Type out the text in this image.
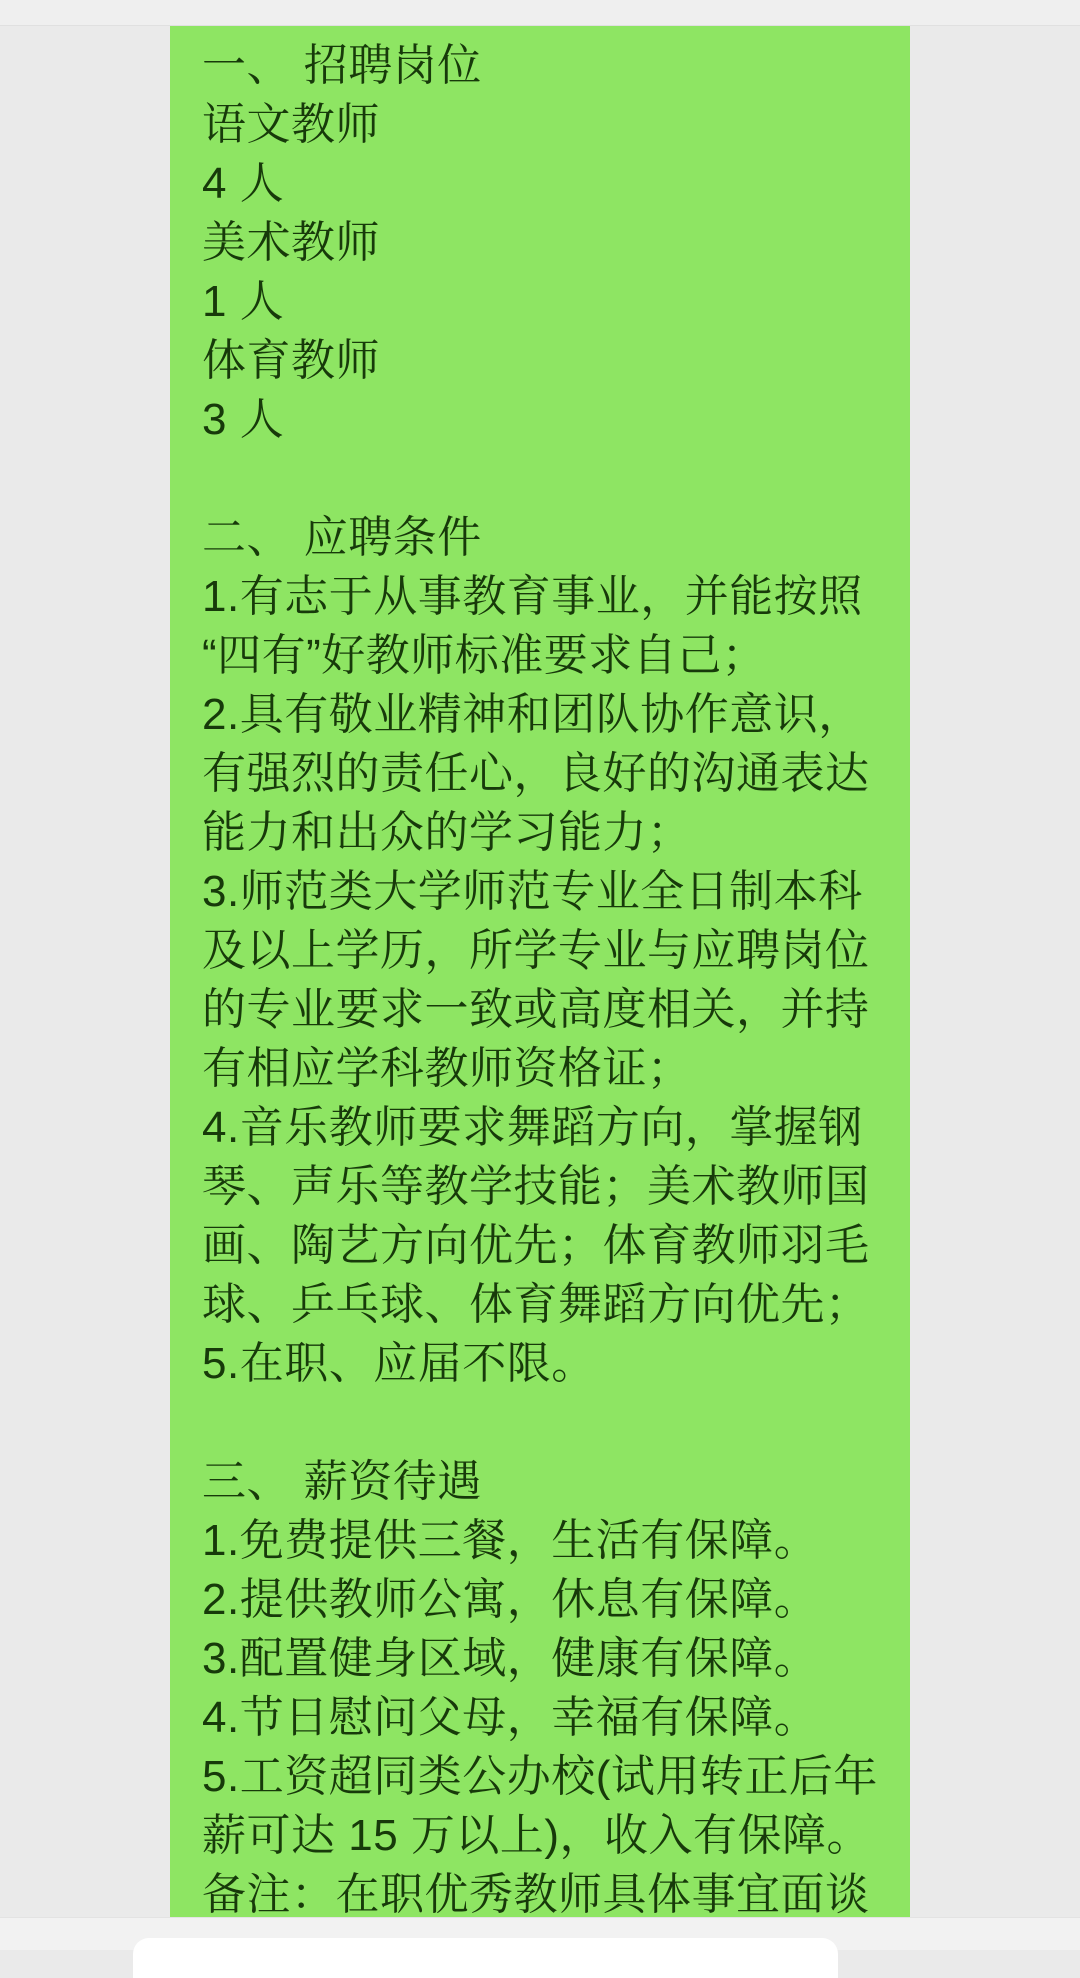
一、 招聘岗位
语文教师
4 人
美术教师
1 人
体育教师
3 人
二、 应聘条件
1.有志于从事教育事业，并能按照
“四有”好教师标准要求自己；
2.具有敬业精神和团队协作意识，
有强烈的责任心，良好的沟通表达
能力和出众的学习能力；
3.师范类大学师范专业全日制本科
及以上学历，所学专业与应聘岗位
的专业要求一致或高度相关，并持
有相应学科教师资格证；
4.音乐教师要求舞蹈方向，掌握钢
琴、声乐等教学技能；美术教师国
画、陶艺方向优先；体育教师羽毛
球、乒乓球、体育舞蹈方向优先；
5.在职、应届不限。
三、 薪资待遇
1.免费提供三餐，生活有保障。
2.提供教师公寓，休息有保障。
3.配置健身区域，健康有保障。
4.节日慰问父母，幸福有保障。
5.工资超同类公办校(试用转正后年
薪可达 15 万以上)，收入有保障。
备注：在职优秀教师具体事宜面谈
